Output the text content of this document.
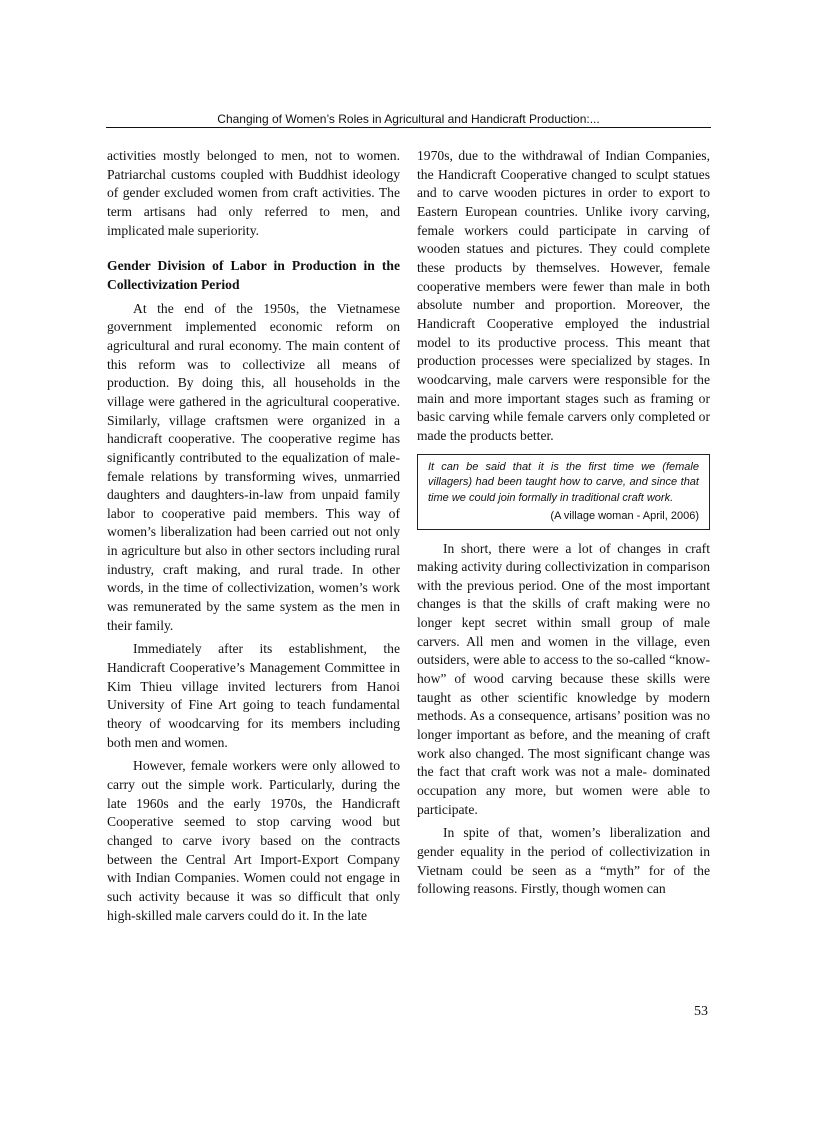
Changing of Women’s Roles in Agricultural and Handicraft Production:...

activities mostly belonged to men, not to women. Patriarchal customs coupled with Buddhist ideology of gender excluded women from craft activities. The term artisans had only referred to men, and implicated male superiority.

Gender Division of Labor in Production in the Collectivization Period

At the end of the 1950s, the Vietnamese government implemented economic reform on agricultural and rural economy. The main content of this reform was to collectivize all means of production. By doing this, all households in the village were gathered in the agricultural cooperative. Similarly, village craftsmen were organized in a handicraft cooperative. The cooperative regime has significantly contributed to the equalization of male-female relations by transforming wives, unmarried daughters and daughters-in-law from unpaid family labor to cooperative paid members. This way of women’s liberalization had been carried out not only in agriculture but also in other sectors including rural industry, craft making, and rural trade. In other words, in the time of collectivization, women’s work was remunerated by the same system as the men in their family.

Immediately after its establishment, the Handicraft Cooperative’s Management Committee in Kim Thieu village invited lecturers from Hanoi University of Fine Art going to teach fundamental theory of woodcarving for its members including both men and women.

However, female workers were only allowed to carry out the simple work. Particularly, during the late 1960s and the early 1970s, the Handicraft Cooperative seemed to stop carving wood but changed to carve ivory based on the contracts between the Central Art Import-Export Company with Indian Companies. Women could not engage in such activity because it was so difficult that only high-skilled male carvers could do it. In the late

1970s, due to the withdrawal of Indian Companies, the Handicraft Cooperative changed to sculpt statues and to carve wooden pictures in order to export to Eastern European countries. Unlike ivory carving, female workers could participate in carving of wooden statues and pictures. They could complete these products by themselves. However, female cooperative members were fewer than male in both absolute number and proportion. Moreover, the Handicraft Cooperative employed the industrial model to its productive process. This meant that production processes were specialized by stages. In woodcarving, male carvers were responsible for the main and more important stages such as framing or basic carving while female carvers only completed or made the products better.

It can be said that it is the first time we (female villagers) had been taught how to carve, and since that time we could join formally in traditional craft work.
(A village woman - April, 2006)

In short, there were a lot of changes in craft making activity during collectivization in comparison with the previous period. One of the most important changes is that the skills of craft making were no longer kept secret within small group of male carvers. All men and women in the village, even outsiders, were able to access to the so-called “know-how” of wood carving because these skills were taught as other scientific knowledge by modern methods. As a consequence, artisans’ position was no longer important as before, and the meaning of craft work also changed. The most significant change was the fact that craft work was not a male- dominated occupation any more, but women were able to participate.

In spite of that, women’s liberalization and gender equality in the period of collectivization in Vietnam could be seen as a “myth” for of the following reasons. Firstly, though women can

53
